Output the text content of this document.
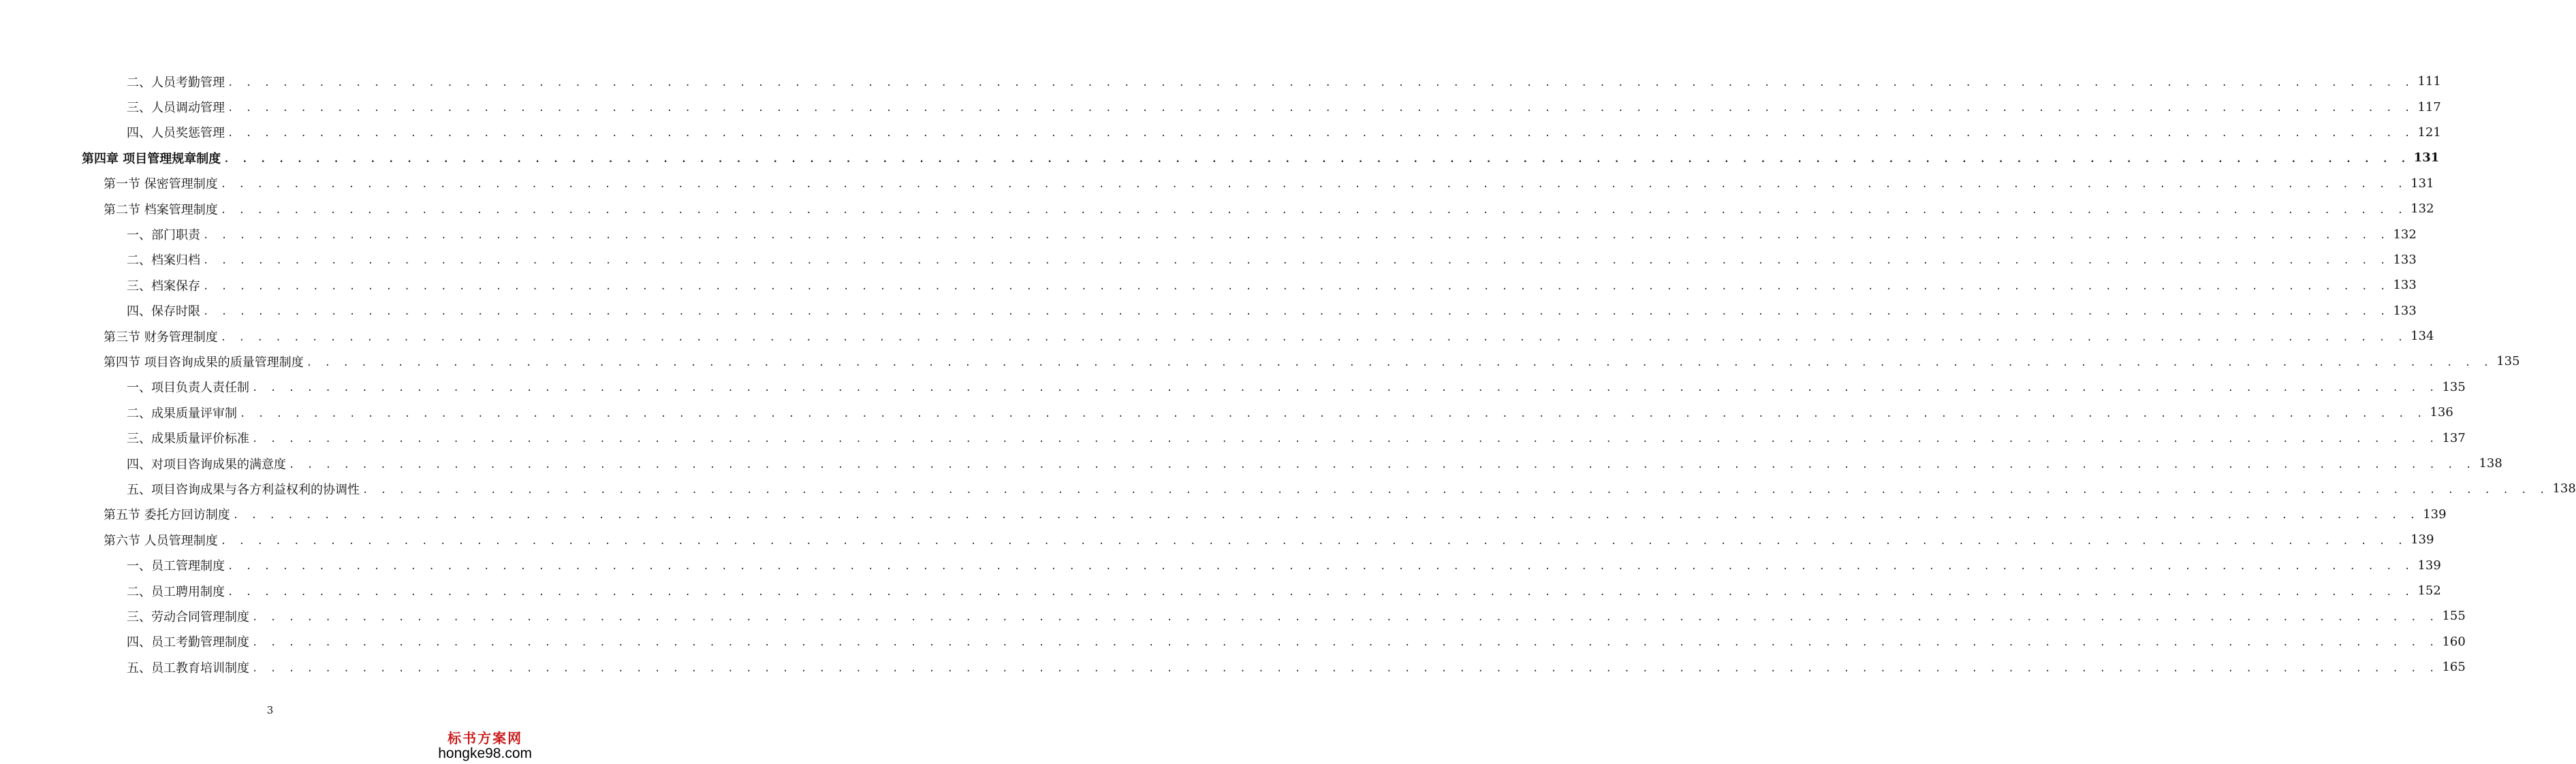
二、人员考勤管理 . . . . . . . . . . . . . . . . . . . . . . . . . . . . . . . . . . . . . . . . . . . . . . . . . . . . . . . . . . . . . . . . . . . . . . . . . . . . . . . . . . . . . . . . . . . . . . . . . . . . . . . . . . . . . . . . . . . . . . . . 111
三、人员调动管理 . . . . . . . . . . . . . . . . . . . . . . . . . . . . . . . . . . . . . . . . . . . . . . . . . . . . . . . . . . . . . . . . . . . . . . . . . . . . . . . . . . . . . . . . . . . . . . . . . . . . . . . . . . . . . . . . . . . . . . . . 117
四、人员奖惩管理 . . . . . . . . . . . . . . . . . . . . . . . . . . . . . . . . . . . . . . . . . . . . . . . . . . . . . . . . . . . . . . . . . . . . . . . . . . . . . . . . . . . . . . . . . . . . . . . . . . . . . . . . . . . . . . . . . . . . . . . . 121
第四章 项目管理规章制度 . . . . . . . . . . . . . . . . . . . . . . . . . . . . . . . . . . . . . . . . . . . . . . . . . . . . . . . . . . . . . . . . . . . . . . . . . . . . . . . . . . . . . . . . . . . . . . . . . . . . . . . . . . . . . . . . . . . . . . . . 131
第一节 保密管理制度 . . . . . . . . . . . . . . . . . . . . . . . . . . . . . . . . . . . . . . . . . . . . . . . . . . . . . . . . . . . . . . . . . . . . . . . . . . . . . . . . . . . . . . . . . . . . . . . . . . . . . . . . . . . . . . . . . . . . . . . . 131
第二节 档案管理制度 . . . . . . . . . . . . . . . . . . . . . . . . . . . . . . . . . . . . . . . . . . . . . . . . . . . . . . . . . . . . . . . . . . . . . . . . . . . . . . . . . . . . . . . . . . . . . . . . . . . . . . . . . . . . . . . . . . . . . . . . 132
一、部门职责 . . . . . . . . . . . . . . . . . . . . . . . . . . . . . . . . . . . . . . . . . . . . . . . . . . . . . . . . . . . . . . . . . . . . . . . . . . . . . . . . . . . . . . . . . . . . . . . . . . . . . . . . . . . . . . . . . . . . . . . . 132
二、档案归档 . . . . . . . . . . . . . . . . . . . . . . . . . . . . . . . . . . . . . . . . . . . . . . . . . . . . . . . . . . . . . . . . . . . . . . . . . . . . . . . . . . . . . . . . . . . . . . . . . . . . . . . . . . . . . . . . . . . . . . . . 133
三、档案保存 . . . . . . . . . . . . . . . . . . . . . . . . . . . . . . . . . . . . . . . . . . . . . . . . . . . . . . . . . . . . . . . . . . . . . . . . . . . . . . . . . . . . . . . . . . . . . . . . . . . . . . . . . . . . . . . . . . . . . . . . 133
四、保存时限 . . . . . . . . . . . . . . . . . . . . . . . . . . . . . . . . . . . . . . . . . . . . . . . . . . . . . . . . . . . . . . . . . . . . . . . . . . . . . . . . . . . . . . . . . . . . . . . . . . . . . . . . . . . . . . . . . . . . . . . . 133
第三节 财务管理制度 . . . . . . . . . . . . . . . . . . . . . . . . . . . . . . . . . . . . . . . . . . . . . . . . . . . . . . . . . . . . . . . . . . . . . . . . . . . . . . . . . . . . . . . . . . . . . . . . . . . . . . . . . . . . . . . . . . . . . . . . 134
第四节 项目咨询成果的质量管理制度 . . . . . . . . . . . . . . . . . . . . . . . . . . . . . . . . . . . . . . . . . . . . . . . . . . . . . . . . . . . . . . . . . . . . . . . . . . . . . . . . . . . . . . . . . . . . . . . . . . . . . . . . . . . . . . . . . . . . . . . . 135
一、项目负责人责任制 . . . . . . . . . . . . . . . . . . . . . . . . . . . . . . . . . . . . . . . . . . . . . . . . . . . . . . . . . . . . . . . . . . . . . . . . . . . . . . . . . . . . . . . . . . . . . . . . . . . . . . . . . . . . . . . . . . . . . . . . 135
二、成果质量评审制 . . . . . . . . . . . . . . . . . . . . . . . . . . . . . . . . . . . . . . . . . . . . . . . . . . . . . . . . . . . . . . . . . . . . . . . . . . . . . . . . . . . . . . . . . . . . . . . . . . . . . . . . . . . . . . . . . . . . . . . . 136
三、成果质量评价标准 . . . . . . . . . . . . . . . . . . . . . . . . . . . . . . . . . . . . . . . . . . . . . . . . . . . . . . . . . . . . . . . . . . . . . . . . . . . . . . . . . . . . . . . . . . . . . . . . . . . . . . . . . . . . . . . . . . . . . . . . 137
四、对项目咨询成果的满意度 . . . . . . . . . . . . . . . . . . . . . . . . . . . . . . . . . . . . . . . . . . . . . . . . . . . . . . . . . . . . . . . . . . . . . . . . . . . . . . . . . . . . . . . . . . . . . . . . . . . . . . . . . . . . . . . . . . . . . . . . 138
五、项目咨询成果与各方利益权利的协调性 . . . . . . . . . . . . . . . . . . . . . . . . . . . . . . . . . . . . . . . . . . . . . . . . . . . . . . . . . . . . . . . . . . . . . . . . . . . . . . . . . . . . . . . . . . . . . . . . . . . . . . . . . . . . . . . . . . . . . . . . 138
第五节 委托方回访制度 . . . . . . . . . . . . . . . . . . . . . . . . . . . . . . . . . . . . . . . . . . . . . . . . . . . . . . . . . . . . . . . . . . . . . . . . . . . . . . . . . . . . . . . . . . . . . . . . . . . . . . . . . . . . . . . . . . . . . . . . 139
第六节 人员管理制度 . . . . . . . . . . . . . . . . . . . . . . . . . . . . . . . . . . . . . . . . . . . . . . . . . . . . . . . . . . . . . . . . . . . . . . . . . . . . . . . . . . . . . . . . . . . . . . . . . . . . . . . . . . . . . . . . . . . . . . . . 139
一、员工管理制度 . . . . . . . . . . . . . . . . . . . . . . . . . . . . . . . . . . . . . . . . . . . . . . . . . . . . . . . . . . . . . . . . . . . . . . . . . . . . . . . . . . . . . . . . . . . . . . . . . . . . . . . . . . . . . . . . . . . . . . . . 139
二、员工聘用制度 . . . . . . . . . . . . . . . . . . . . . . . . . . . . . . . . . . . . . . . . . . . . . . . . . . . . . . . . . . . . . . . . . . . . . . . . . . . . . . . . . . . . . . . . . . . . . . . . . . . . . . . . . . . . . . . . . . . . . . . . 152
三、劳动合同管理制度 . . . . . . . . . . . . . . . . . . . . . . . . . . . . . . . . . . . . . . . . . . . . . . . . . . . . . . . . . . . . . . . . . . . . . . . . . . . . . . . . . . . . . . . . . . . . . . . . . . . . . . . . . . . . . . . . . . . . . . . . 155
四、员工考勤管理制度 . . . . . . . . . . . . . . . . . . . . . . . . . . . . . . . . . . . . . . . . . . . . . . . . . . . . . . . . . . . . . . . . . . . . . . . . . . . . . . . . . . . . . . . . . . . . . . . . . . . . . . . . . . . . . . . . . . . . . . . . 160
五、员工教育培训制度 . . . . . . . . . . . . . . . . . . . . . . . . . . . . . . . . . . . . . . . . . . . . . . . . . . . . . . . . . . . . . . . . . . . . . . . . . . . . . . . . . . . . . . . . . . . . . . . . . . . . . . . . . . . . . . . . . . . . . . . . 165
3
标书方案网
hongke98.com
